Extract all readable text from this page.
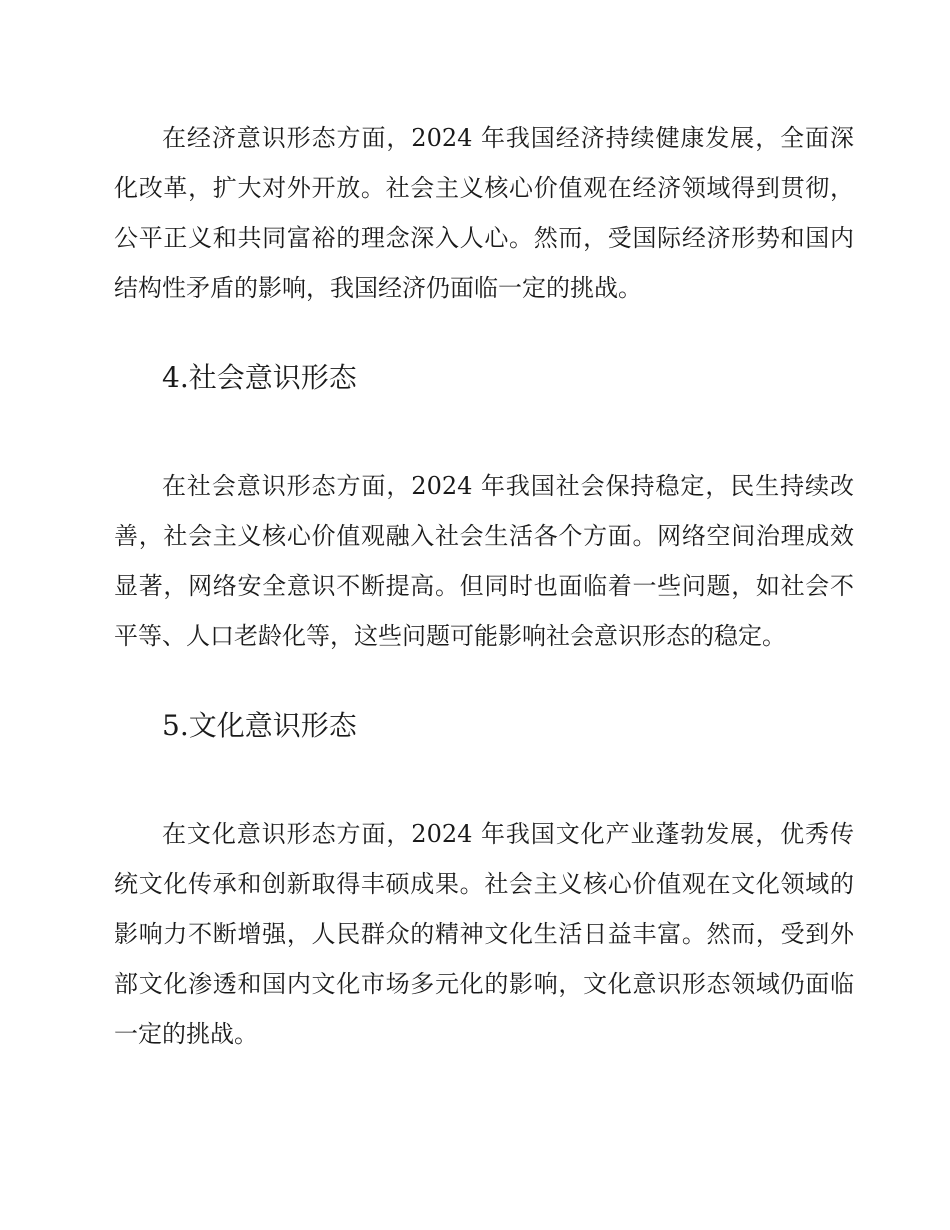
在经济意识形态方面，2024 年我国经济持续健康发展，全面深化改革，扩大对外开放。社会主义核心价值观在经济领域得到贯彻，公平正义和共同富裕的理念深入人心。然而，受国际经济形势和国内结构性矛盾的影响，我国经济仍面临一定的挑战。

4.社会意识形态

在社会意识形态方面，2024 年我国社会保持稳定，民生持续改善，社会主义核心价值观融入社会生活各个方面。网络空间治理成效显著，网络安全意识不断提高。但同时也面临着一些问题，如社会不平等、人口老龄化等，这些问题可能影响社会意识形态的稳定。

5.文化意识形态

在文化意识形态方面，2024 年我国文化产业蓬勃发展，优秀传统文化传承和创新取得丰硕成果。社会主义核心价值观在文化领域的影响力不断增强，人民群众的精神文化生活日益丰富。然而，受到外部文化渗透和国内文化市场多元化的影响，文化意识形态领域仍面临一定的挑战。
